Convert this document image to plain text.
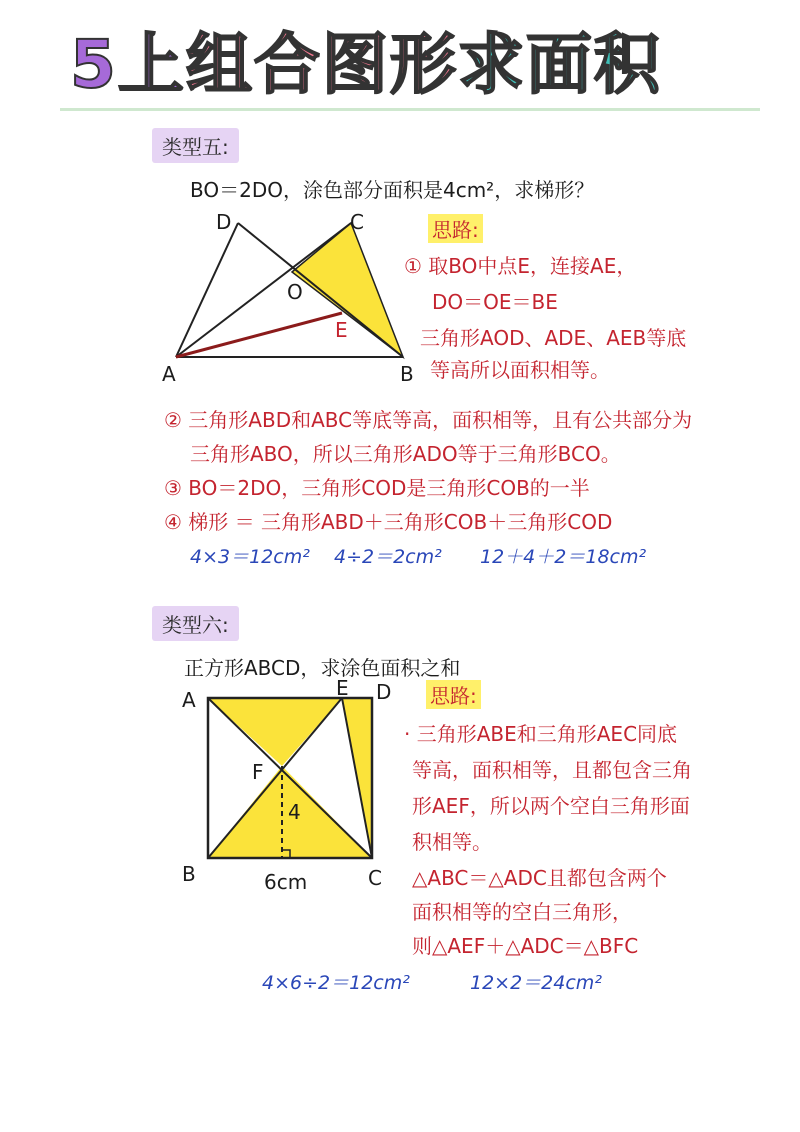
5上 组合图形 求面积
类型五:
BO＝2DO，涂色部分面积是4cm²，求梯形？
D	C
O
E
A	B
思路:
① 取BO中点E，连接AE，
DO＝OE＝BE
三角形AOD、ADE、AEB等底
等高所以面积相等。
② 三角形ABD和ABC等底等高，面积相等，且有公共部分为
三角形ABO，所以三角形ADO等于三角形BCO。
③ BO＝2DO，三角形COD是三角形COB的一半
④ 梯形 ＝ 三角形ABD＋三角形COB＋三角形COD
4×3＝12cm² 4÷2＝2cm² 12＋4＋2＝18cm²
类型六:
正方形ABCD，求涂色面积之和
A	E D
F
4
B	6cm	C
思路:
· 三角形ABE和三角形AEC同底
等高，面积相等，且都包含三角
形AEF，所以两个空白三角形面
积相等。
△ABC＝△ADC且都包含两个
面积相等的空白三角形，
则△AEF＋△ADC＝△BFC
4×6÷2＝12cm²	12×2＝24cm²
